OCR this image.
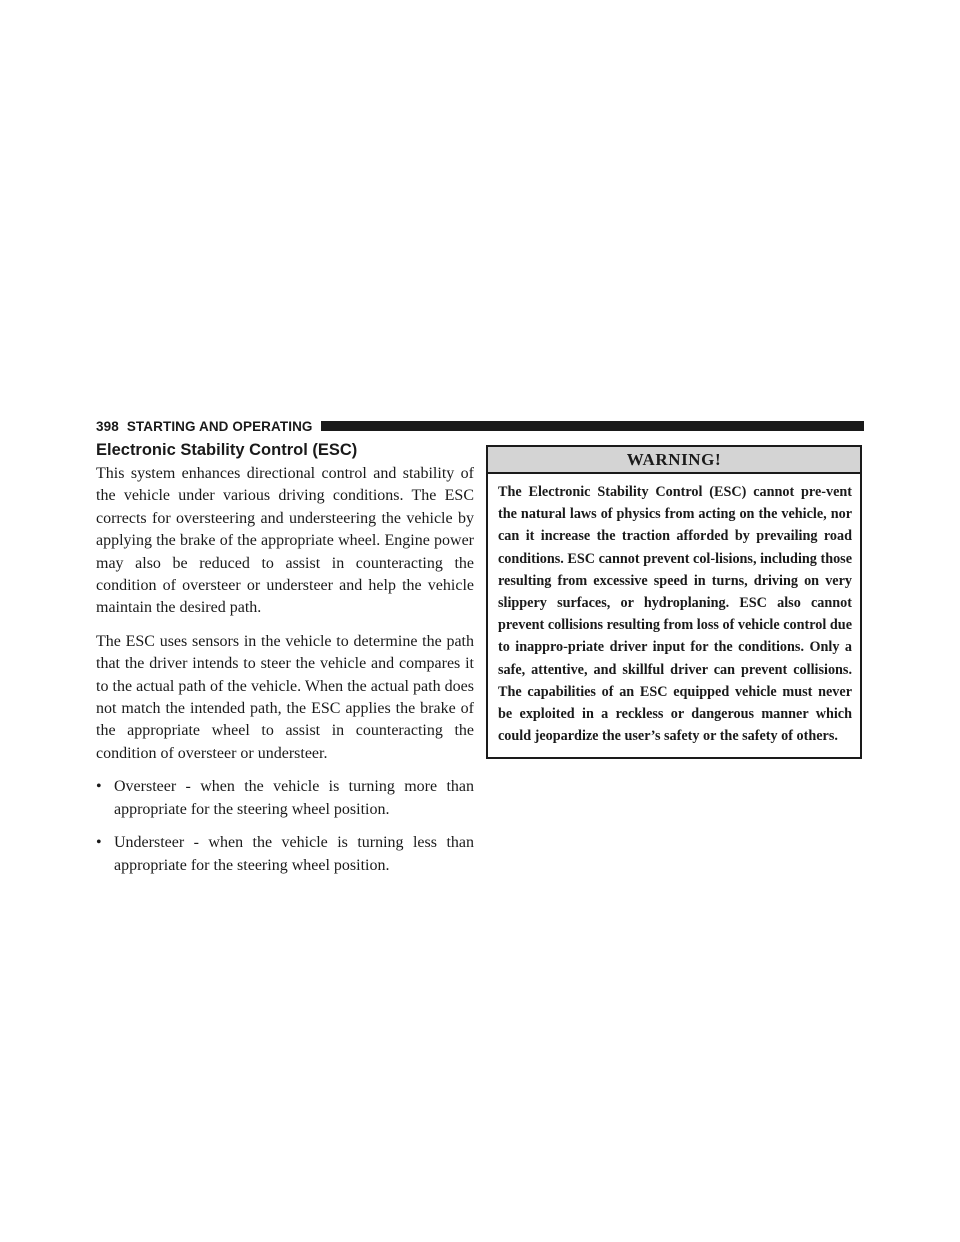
398 STARTING AND OPERATING
Electronic Stability Control (ESC)

This system enhances directional control and stability of the vehicle under various driving conditions. The ESC corrects for oversteering and understeering the vehicle by applying the brake of the appropriate wheel. Engine power may also be reduced to assist in counteracting the condition of oversteer or understeer and help the vehicle maintain the desired path.

The ESC uses sensors in the vehicle to determine the path that the driver intends to steer the vehicle and compares it to the actual path of the vehicle. When the actual path does not match the intended path, the ESC applies the brake of the appropriate wheel to assist in counteracting the condition of oversteer or understeer.

• Oversteer - when the vehicle is turning more than appropriate for the steering wheel position.
• Understeer - when the vehicle is turning less than appropriate for the steering wheel position.
WARNING!

The Electronic Stability Control (ESC) cannot pre-vent the natural laws of physics from acting on the vehicle, nor can it increase the traction afforded by prevailing road conditions. ESC cannot prevent col-lisions, including those resulting from excessive speed in turns, driving on very slippery surfaces, or hydroplaning. ESC also cannot prevent collisions resulting from loss of vehicle control due to inappro-priate driver input for the conditions. Only a safe, attentive, and skillful driver can prevent collisions. The capabilities of an ESC equipped vehicle must never be exploited in a reckless or dangerous manner which could jeopardize the user’s safety or the safety of others.
